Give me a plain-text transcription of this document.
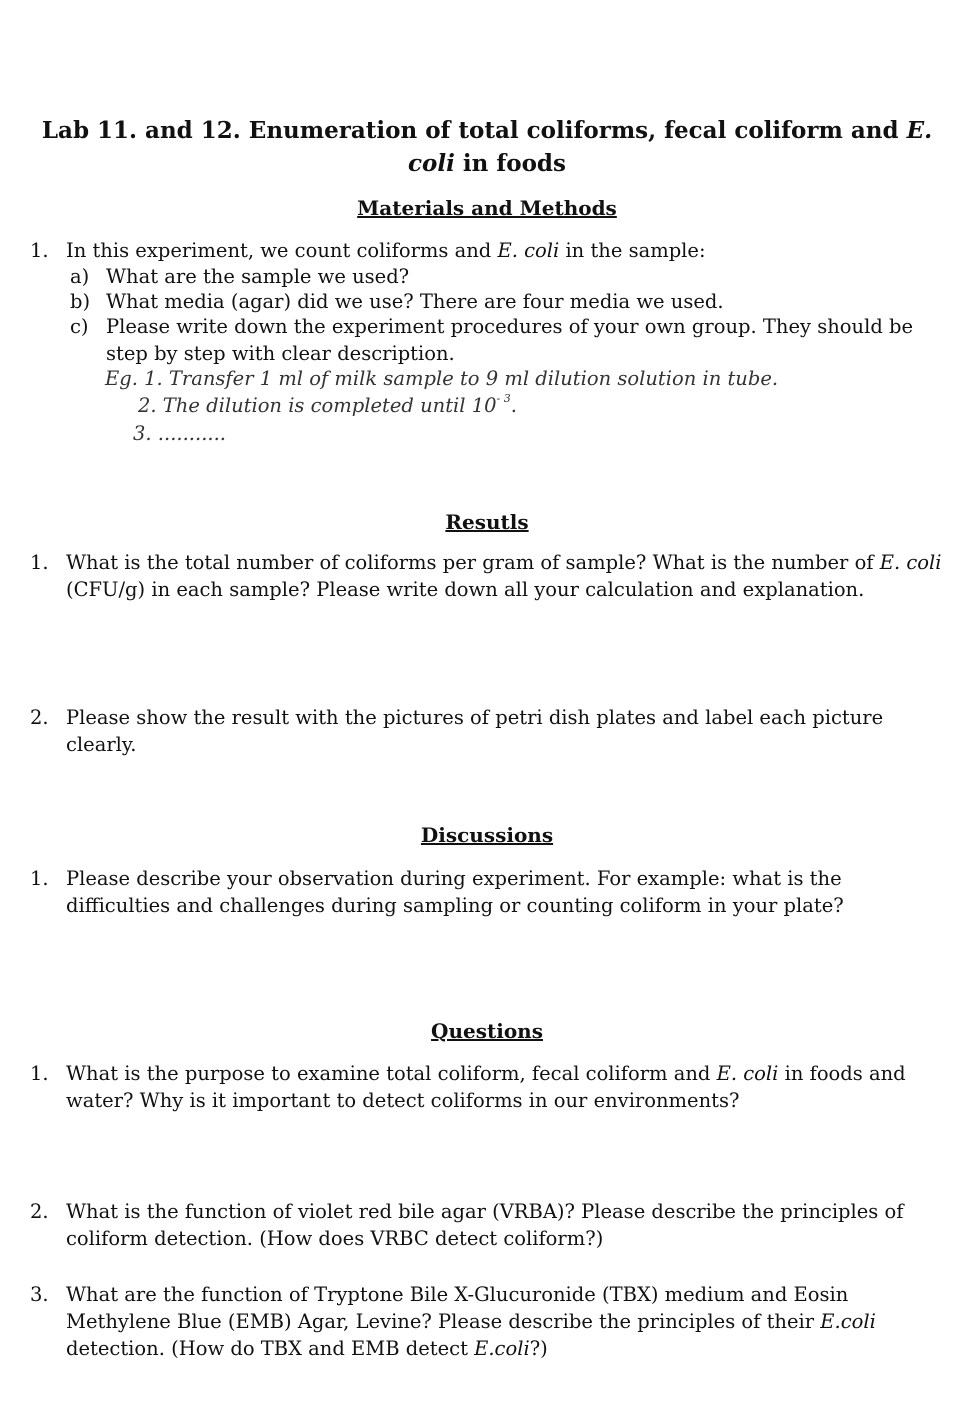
Lab 11. and 12. Enumeration of total coliforms, fecal coliform and E. coli in foods
Materials and Methods
1. In this experiment, we count coliforms and E. coli in the sample:
a) What are the sample we used?
b) What media (agar) did we use? There are four media we used.
c) Please write down the experiment procedures of your own group. They should be step by step with clear description.
Eg. 1. Transfer 1 ml of milk sample to 9 ml dilution solution in tube.
2. The dilution is completed until $10^{- 3}$.
3. ...........
Resutls
1. What is the total number of coliforms per gram of sample? What is the number of E. coli (CFU/g) in each sample? Please write down all your calculation and explanation.
2. Please show the result with the pictures of petri dish plates and label each picture clearly.
Discussions
1. Please describe your observation during experiment. For example: what is the difficulties and challenges during sampling or counting coliform in your plate?
Questions
1. What is the purpose to examine total coliform, fecal coliform and E. coli in foods and water? Why is it important to detect coliforms in our environments?
2. What is the function of violet red bile agar (VRBA)? Please describe the principles of coliform detection. (How does VRBC detect coliform?)
3. What are the function of Tryptone Bile X-Glucuronide (TBX) medium and Eosin Methylene Blue (EMB) Agar, Levine? Please describe the principles of their E.coli detection. (How do TBX and EMB detect E.coli?)
